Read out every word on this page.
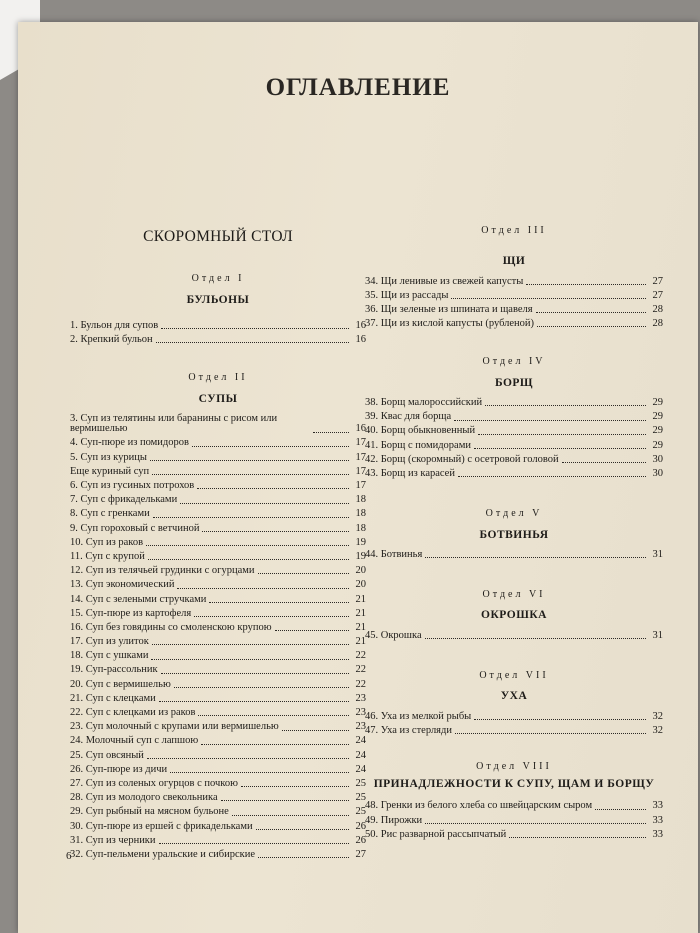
ОГЛАВЛЕНИЕ
СКОРОМНЫЙ СТОЛ
Отдел I
БУЛЬОНЫ
1. Бульон для супов	16
2. Крепкий бульон	16
Отдел II
СУПЫ
3. Суп из телятины или баранины с рисом или вермишелью	16
4. Суп-пюре из помидоров	17
5. Суп из курицы	17
Еще куриный суп	17
6. Суп из гусиных потрохов	17
7. Суп с фрикадельками	18
8. Суп с гренками	18
9. Суп гороховый с ветчиной	18
10. Суп из раков	19
11. Суп с крупой	19
12. Суп из телячьей грудинки с огурцами	20
13. Суп экономический	20
14. Суп с зелеными стручками	21
15. Суп-пюре из картофеля	21
16. Суп без говядины со смоленскою крупою	21
17. Суп из улиток	21
18. Суп с ушками	22
19. Суп-рассольник	22
20. Суп с вермишелью	22
21. Суп с клецками	23
22. Суп с клецками из раков	23
23. Суп молочный с крупами или вермишелью	23
24. Молочный суп с лапшою	24
25. Суп овсяный	24
26. Суп-пюре из дичи	24
27. Суп из соленых огурцов с почкою	25
28. Суп из молодого свекольника	25
29. Суп рыбный на мясном бульоне	25
30. Суп-пюре из ершей с фрикадельками	26
31. Суп из черники	26
32. Суп-пельмени уральские и сибирские	27
Отдел III
ЩИ
34. Щи ленивые из свежей капусты	27
35. Щи из рассады	27
36. Щи зеленые из шпината и щавеля	28
37. Щи из кислой капусты (рубленой)	28
Отдел IV
БОРЩ
38. Борщ малороссийский	29
39. Квас для борща	29
40. Борщ обыкновенный	29
41. Борщ с помидорами	29
42. Борщ (скоромный) с осетровой головой	30
43. Борщ из карасей	30
Отдел V
БОТВИНЬЯ
44. Ботвинья	31
Отдел VI
ОКРОШКА
45. Окрошка	31
Отдел VII
УХА
46. Уха из мелкой рыбы	32
47. Уха из стерляди	32
Отдел VIII
ПРИНАДЛЕЖНОСТИ К СУПУ, ЩАМ И БОРЩУ
48. Гренки из белого хлеба со швейцарским сыром	33
49. Пирожки	33
50. Рис разварной рассыпчатый	33
6
